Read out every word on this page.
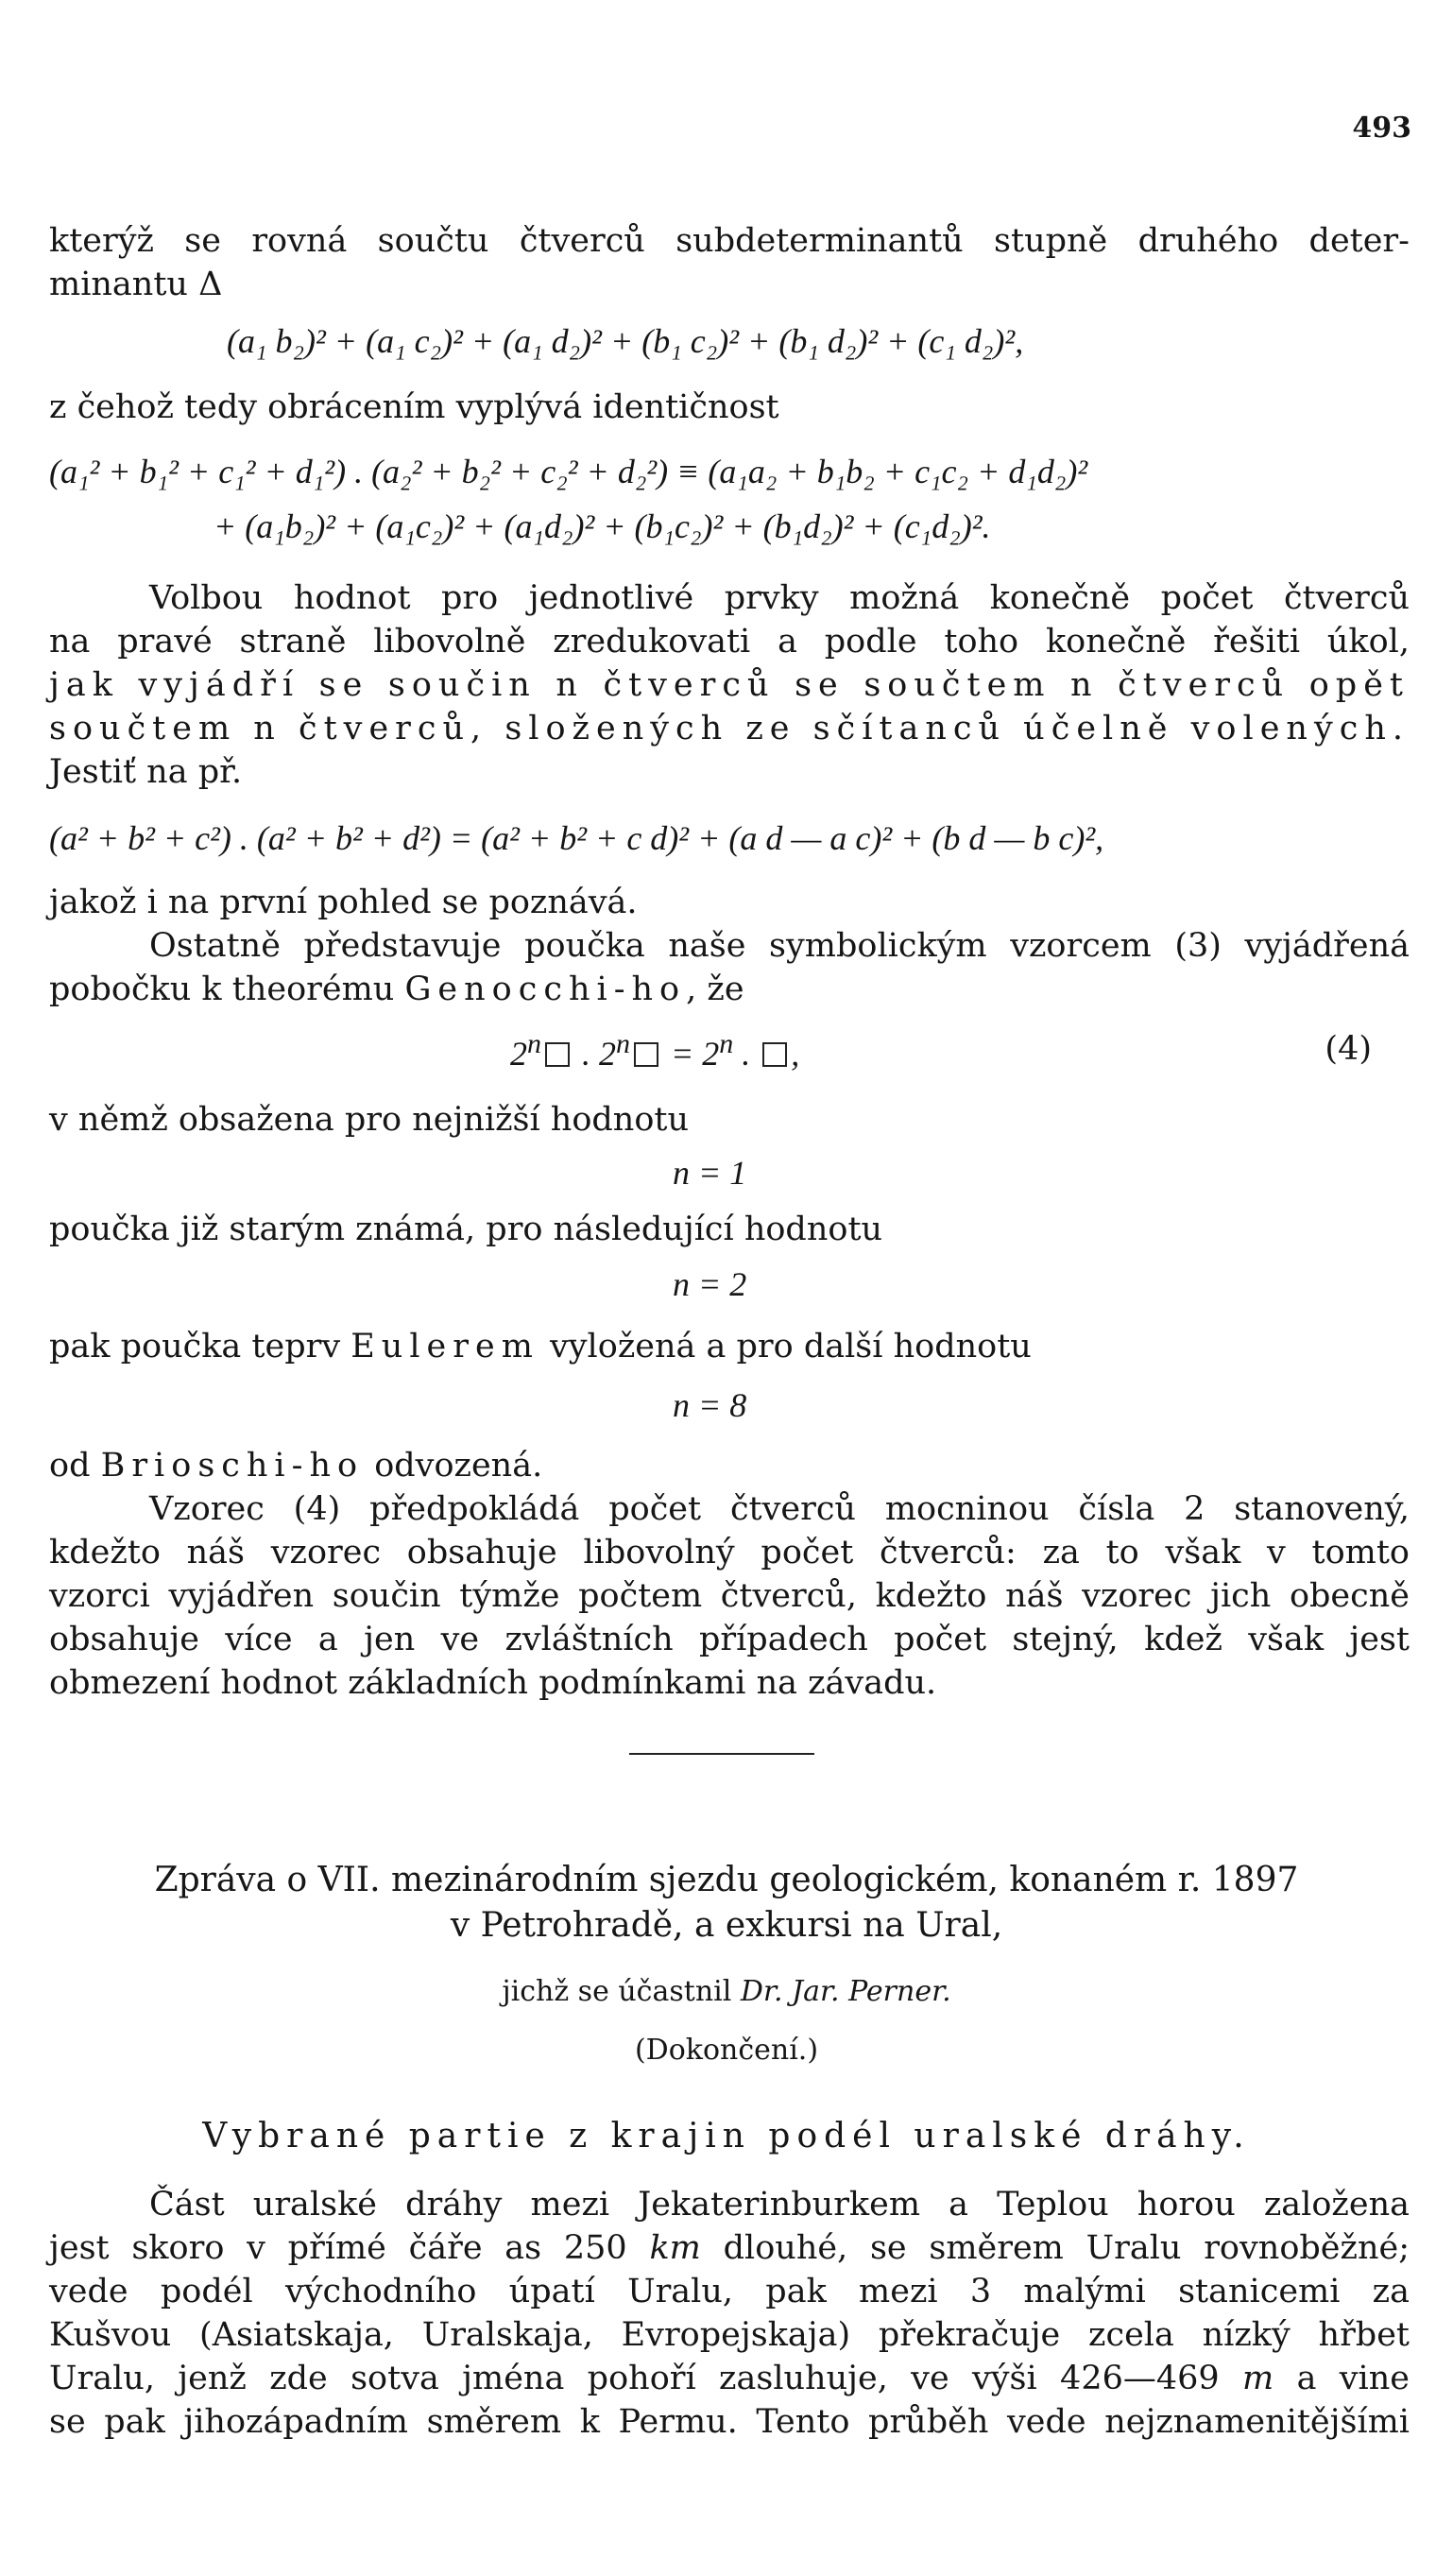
493
kterýž se rovná součtu čtverců subdeterminantů stupně druhého deter-
minantu Δ
(a₁ b₂)² + (a₁ c₂)² + (a₁ d₂)² + (b₁ c₂)² + (b₁ d₂)² + (c₁ d₂)²,
z čehož tedy obrácením vyplývá identičnost
(a₁² + b₁² + c₁² + d₁²) . (a₂² + b₂² + c₂² + d₂²) ≡ (a₁a₂ + b₁b₂ + c₁c₂ + d₁d₂)²
+ (a₁b₂)² + (a₁c₂)² + (a₁d₂)² + (b₁c₂)² + (b₁d₂)² + (c₁d₂)².
Volbou hodnot pro jednotlivé prvky možná konečně počet čtverců
na pravé straně libovolně zredukovati a podle toho konečně řešiti úkol,
jak vyjádří se součin n čtverců se součtem n čtverců opět
součtem n čtverců, složených ze sčítanců účelně volených.
Jestiť na př.
(a² + b² + c²) . (a² + b² + d²) = (a² + b² + c d)² + (a d — a c)² + (b d — b c)²,
jakož i na první pohled se poznává.
Ostatně představuje poučka naše symbolickým vzorcem (3) vyjádřená
pobočku k theorému Genocchi-ho, že
2$^n$ . $2^n = 2^n$ . ,	(4)
v němž obsažena pro nejnižší hodnotu
n = 1
poučka již starým známá, pro následující hodnotu
n = 2
pak poučka teprv Eulerem vyložená a pro další hodnotu
n = 8
od Brioschi-ho odvozená.
Vzorec (4) předpokládá počet čtverců mocninou čísla 2 stanovený,
kdežto náš vzorec obsahuje libovolný počet čtverců: za to však v tomto
vzorci vyjádřen součin týmže počtem čtverců, kdežto náš vzorec jich obecně
obsahuje více a jen ve zvláštních případech počet stejný, kdež však jest
obmezení hodnot základních podmínkami na závadu.
Zpráva o VII. mezinárodním sjezdu geologickém, konaném r. 1897
v Petrohradě, a exkursi na Ural,
jichž se účastnil Dr. Jar. Perner.
(Dokončení.)
Vybrané partie z krajin podél uralské dráhy.
Část uralské dráhy mezi Jekaterinburkem a Teplou horou založena
jest skoro v přímé čáře as 250 km dlouhé, se směrem Uralu rovnoběžné;
vede podél východního úpatí Uralu, pak mezi 3 malými stanicemi za
Kušvou (Asiatskaja, Uralskaja, Evropejskaja) překračuje zcela nízký hřbet
Uralu, jenž zde sotva jména pohoří zasluhuje, ve výši 426—469 m a vine
se pak jihozápadním směrem k Permu. Tento průběh vede nejznamenitějšími
